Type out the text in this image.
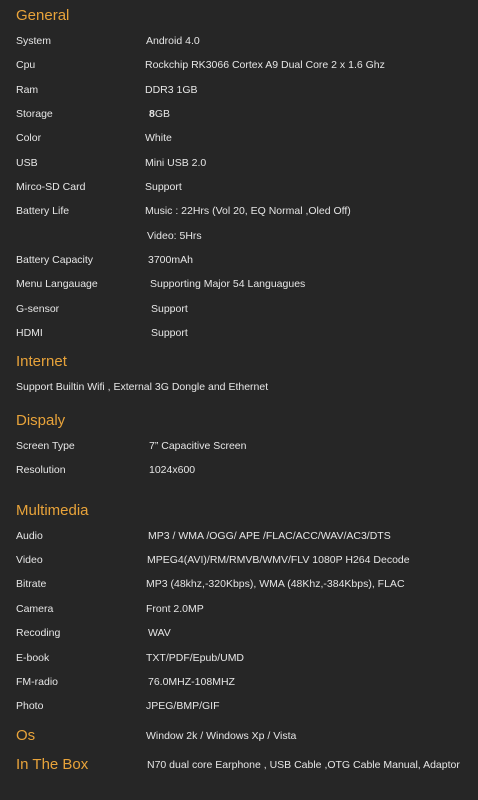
General
System	Android 4.0
Cpu	Rockchip RK3066 Cortex A9 Dual Core 2 x 1.6 Ghz
Ram	DDR3 1GB
Storage	8GB
Color	White
USB	Mini USB 2.0
Mirco-SD Card	Support
Battery Life	Music : 22Hrs (Vol 20, EQ Normal ,Oled Off)
Video: 5Hrs
Battery Capacity	3700mAh
Menu Langauage	Supporting Major 54 Languagues
G-sensor	Support
HDMI	Support
Internet
Support Builtin Wifi , External 3G Dongle and Ethernet
Dispaly
Screen Type	7” Capacitive Screen
Resolution	1024x600
Multimedia
Audio	MP3 / WMA /OGG/ APE /FLAC/ACC/WAV/AC3/DTS
Video	MPEG4(AVI)/RM/RMVB/WMV/FLV 1080P H264 Decode
Bitrate	MP3 (48khz,-320Kbps), WMA (48Khz,-384Kbps), FLAC
Camera	Front 2.0MP
Recoding	WAV
E-book	TXT/PDF/Epub/UMD
FM-radio	76.0MHZ-108MHZ
Photo	JPEG/BMP/GIF
Os	Window 2k / Windows Xp / Vista
In The Box	N70 dual core Earphone , USB Cable ,OTG Cable Manual, Adaptor
